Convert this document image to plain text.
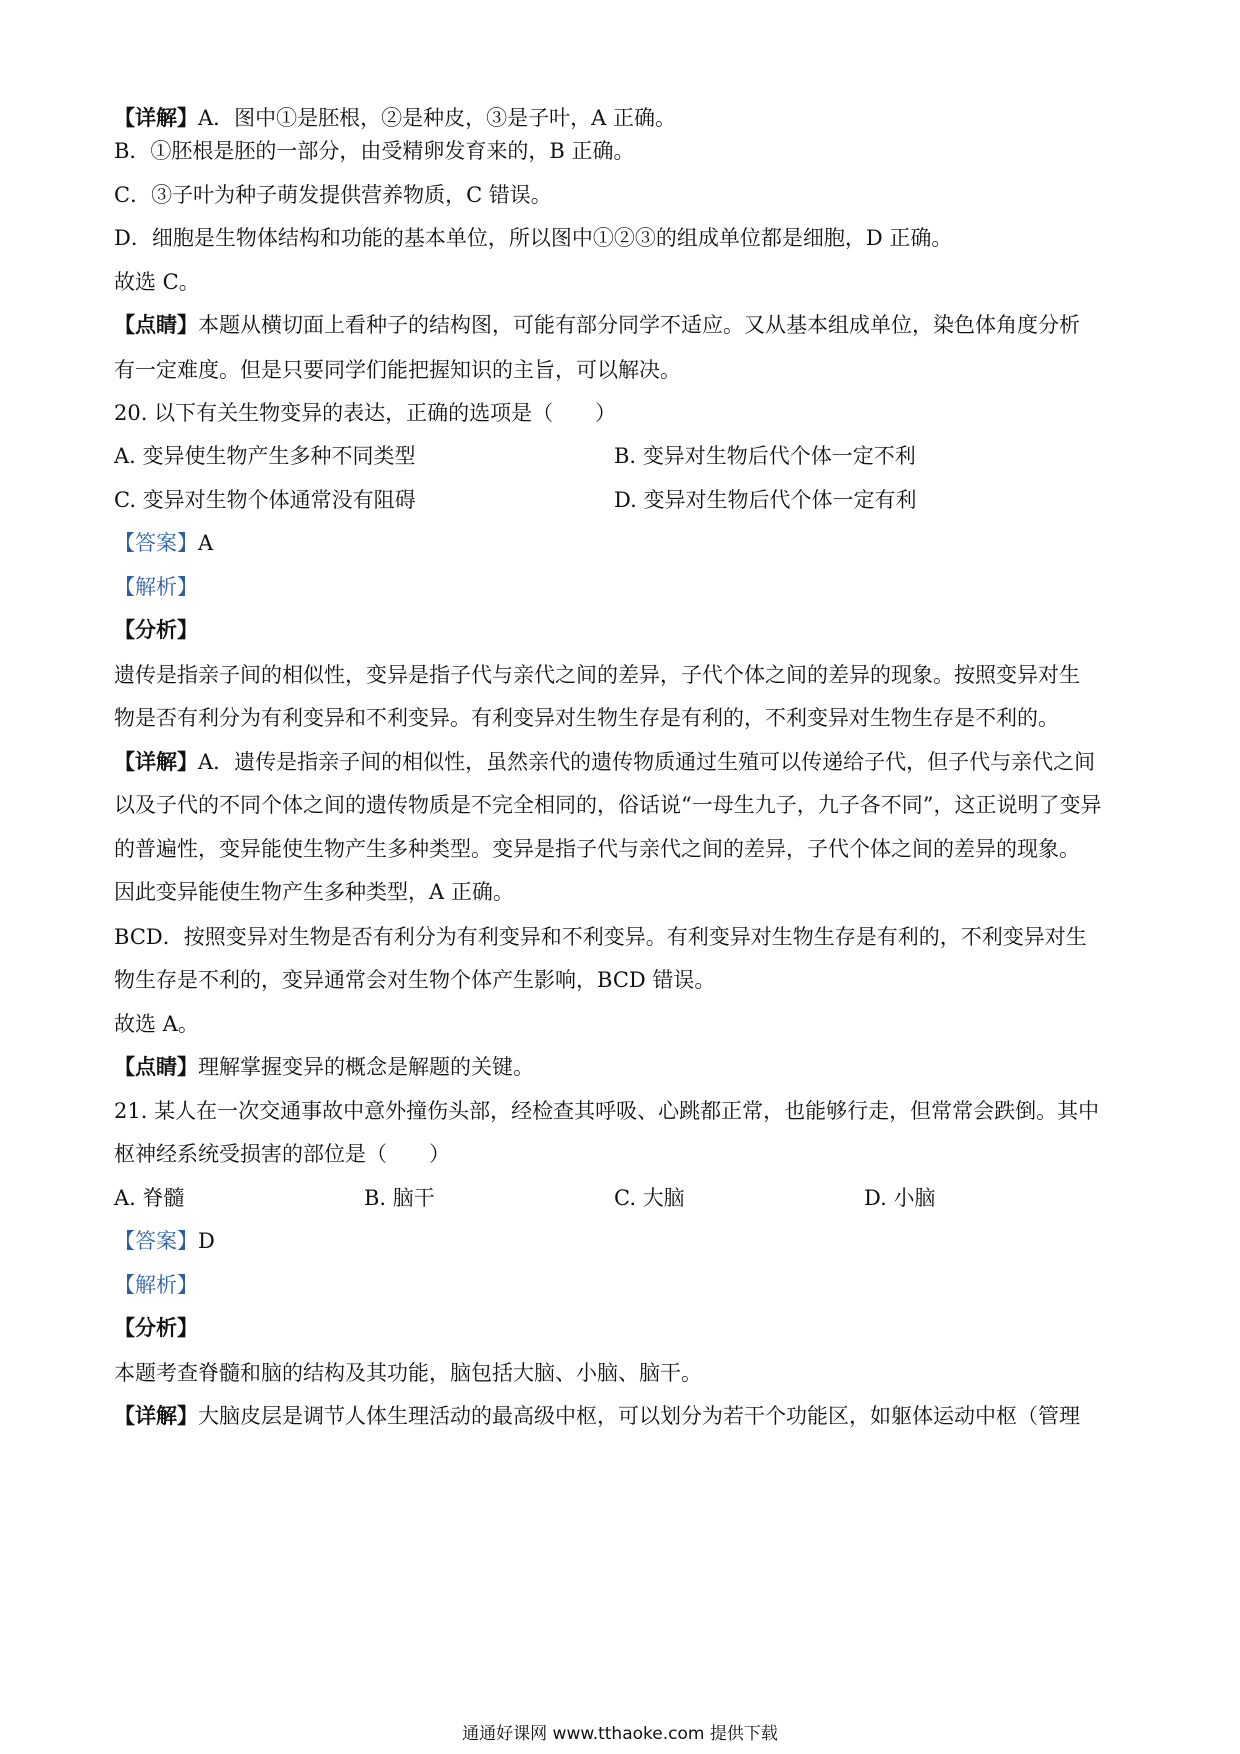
【详解】A．图中①是胚根，②是种皮，③是子叶，A 正确。
B．①胚根是胚的一部分，由受精卵发育来的，B 正确。
C．③子叶为种子萌发提供营养物质，C 错误。
D．细胞是生物体结构和功能的基本单位，所以图中①②③的组成单位都是细胞，D 正确。
故选 C。
【点睛】本题从横切面上看种子的结构图，可能有部分同学不适应。又从基本组成单位，染色体角度分析
有一定难度。但是只要同学们能把握知识的主旨，可以解决。
20. 以下有关生物变异的表达，正确的选项是（　　）
A. 变异使生物产生多种不同类型	B. 变异对生物后代个体一定不利
C. 变异对生物个体通常没有阻碍	D. 变异对生物后代个体一定有利
【答案】A
【解析】
【分析】
遗传是指亲子间的相似性，变异是指子代与亲代之间的差异，子代个体之间的差异的现象。按照变异对生
物是否有利分为有利变异和不利变异。有利变异对生物生存是有利的，不利变异对生物生存是不利的。
【详解】A．遗传是指亲子间的相似性，虽然亲代的遗传物质通过生殖可以传递给子代，但子代与亲代之间
以及子代的不同个体之间的遗传物质是不完全相同的，俗话说“一母生九子，九子各不同”，这正说明了变异
的普遍性，变异能使生物产生多种类型。变异是指子代与亲代之间的差异，子代个体之间的差异的现象。
因此变异能使生物产生多种类型，A 正确。
BCD．按照变异对生物是否有利分为有利变异和不利变异。有利变异对生物生存是有利的，不利变异对生
物生存是不利的，变异通常会对生物个体产生影响，BCD 错误。
故选 A。
【点睛】理解掌握变异的概念是解题的关键。
21. 某人在一次交通事故中意外撞伤头部，经检查其呼吸、心跳都正常，也能够行走，但常常会跌倒。其中
枢神经系统受损害的部位是（　　）
A. 脊髓	B. 脑干	C. 大脑	D. 小脑
【答案】D
【解析】
【分析】
本题考查脊髓和脑的结构及其功能，脑包括大脑、小脑、脑干。
【详解】大脑皮层是调节人体生理活动的最高级中枢，可以划分为若干个功能区，如躯体运动中枢（管理
通通好课网 www.tthaoke.com 提供下载
